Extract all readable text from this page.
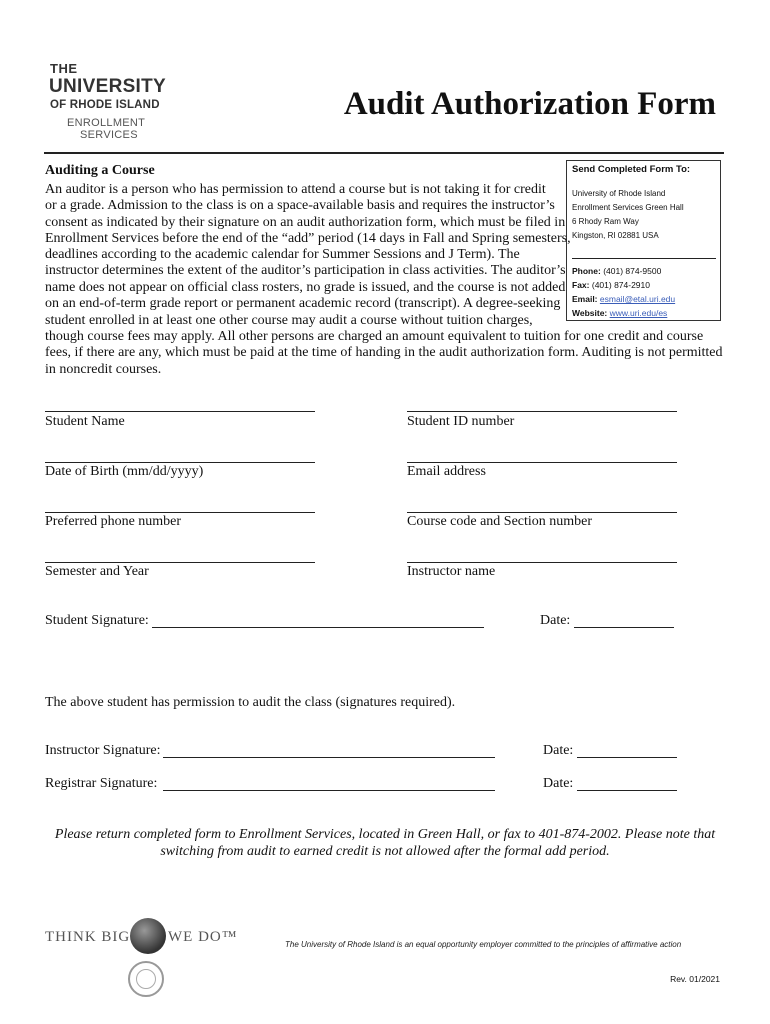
THE
UNIVERSITY
OF RHODE ISLAND
ENROLLMENT
SERVICES
Audit Authorization Form
Send Completed Form To:
University of Rhode Island
Enrollment Services Green Hall
6 Rhody Ram Way
Kingston, RI 02881 USA
Phone: (401) 874-9500
Fax: (401) 874-2910
Email: esmail@etal.uri.edu
Website: www.uri.edu/es
Auditing a Course
An auditor is a person who has permission to attend a course but is not taking it for credit
or a grade. Admission to the class is on a space-available basis and requires the instructor’s
consent as indicated by their signature on an audit authorization form, which must be filed in
Enrollment Services before the end of the “add” period (14 days in Fall and Spring semesters,
deadlines according to the academic calendar for Summer Sessions and J Term). The
instructor determines the extent of the auditor’s participation in class activities. The auditor’s
name does not appear on official class rosters, no grade is issued, and the course is not added
on an end-of-term grade report or permanent academic record (transcript). A degree-seeking
student enrolled in at least one other course may audit a course without tuition charges,
though course fees may apply. All other persons are charged an amount equivalent to tuition for one credit and course
fees, if there are any, which must be paid at the time of handing in the audit authorization form. Auditing is not permitted
in noncredit courses.
Student Name	Student ID number
Date of Birth (mm/dd/yyyy)	Email address
Preferred phone number	Course code and Section number
Semester and Year	Instructor name
Student Signature:	Date:
The above student has permission to audit the class (signatures required).
Instructor Signature:	Date:
Registrar Signature:	Date:
Please return completed form to Enrollment Services, located in Green Hall, or fax to 401-874-2002. Please note that
switching from audit to earned credit is not allowed after the formal add period.
THINK BIG	WE DO™	The University of Rhode Island is an equal opportunity employer committed to the principles of affirmative action
Rev. 01/2021
